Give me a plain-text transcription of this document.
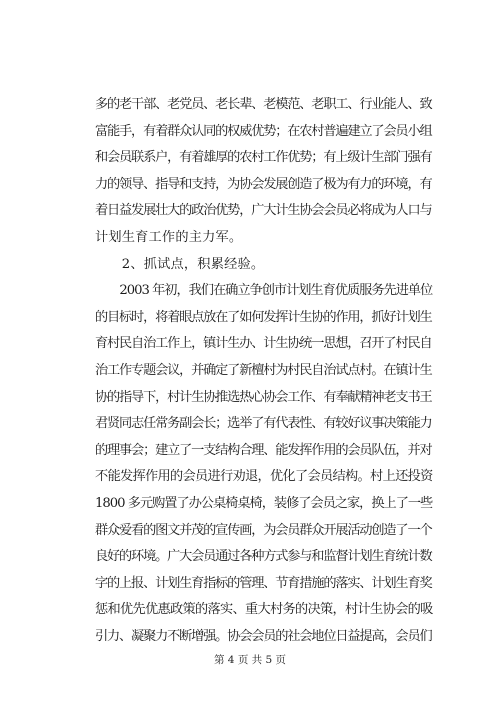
多的老干部、老党员、老长辈、老模范、老职工、行业能人、致
富能手，有着群众认同的权威优势；在农村普遍建立了会员小组
和会员联系户，有着雄厚的农村工作优势；有上级计生部门强有
力的领导、指导和支持，为协会发展创造了极为有力的环境，有
着日益发展壮大的政治优势，广大计生协会会员必将成为人口与
计划生育工作的主力军。
　　2、抓试点，积累经验。
　　2003 年初，我们在确立争创市计划生育优质服务先进单位
的目标时，将着眼点放在了如何发挥计生协的作用，抓好计划生
育村民自治工作上，镇计生办、计生协统一思想，召开了村民自
治工作专题会议，并确定了新檀村为村民自治试点村。在镇计生
协的指导下，村计生协推选热心协会工作、有奉献精神老支书王
君贤同志任常务副会长；选举了有代表性、有较好议事决策能力
的理事会；建立了一支结构合理、能发挥作用的会员队伍，并对
不能发挥作用的会员进行劝退，优化了会员结构。村上还投资
1800 多元购置了办公桌椅桌椅，装修了会员之家，换上了一些
群众爱看的图文并茂的宣传画，为会员群众开展活动创造了一个
良好的环境。广大会员通过各种方式参与和监督计划生育统计数
字的上报、计划生育指标的管理、节育措施的落实、计划生育奖
惩和优先优惠政策的落实、重大村务的决策，村计生协会的吸
引力、凝聚力不断增强。协会会员的社会地位日益提高，会员们
第 4 页 共 5 页
